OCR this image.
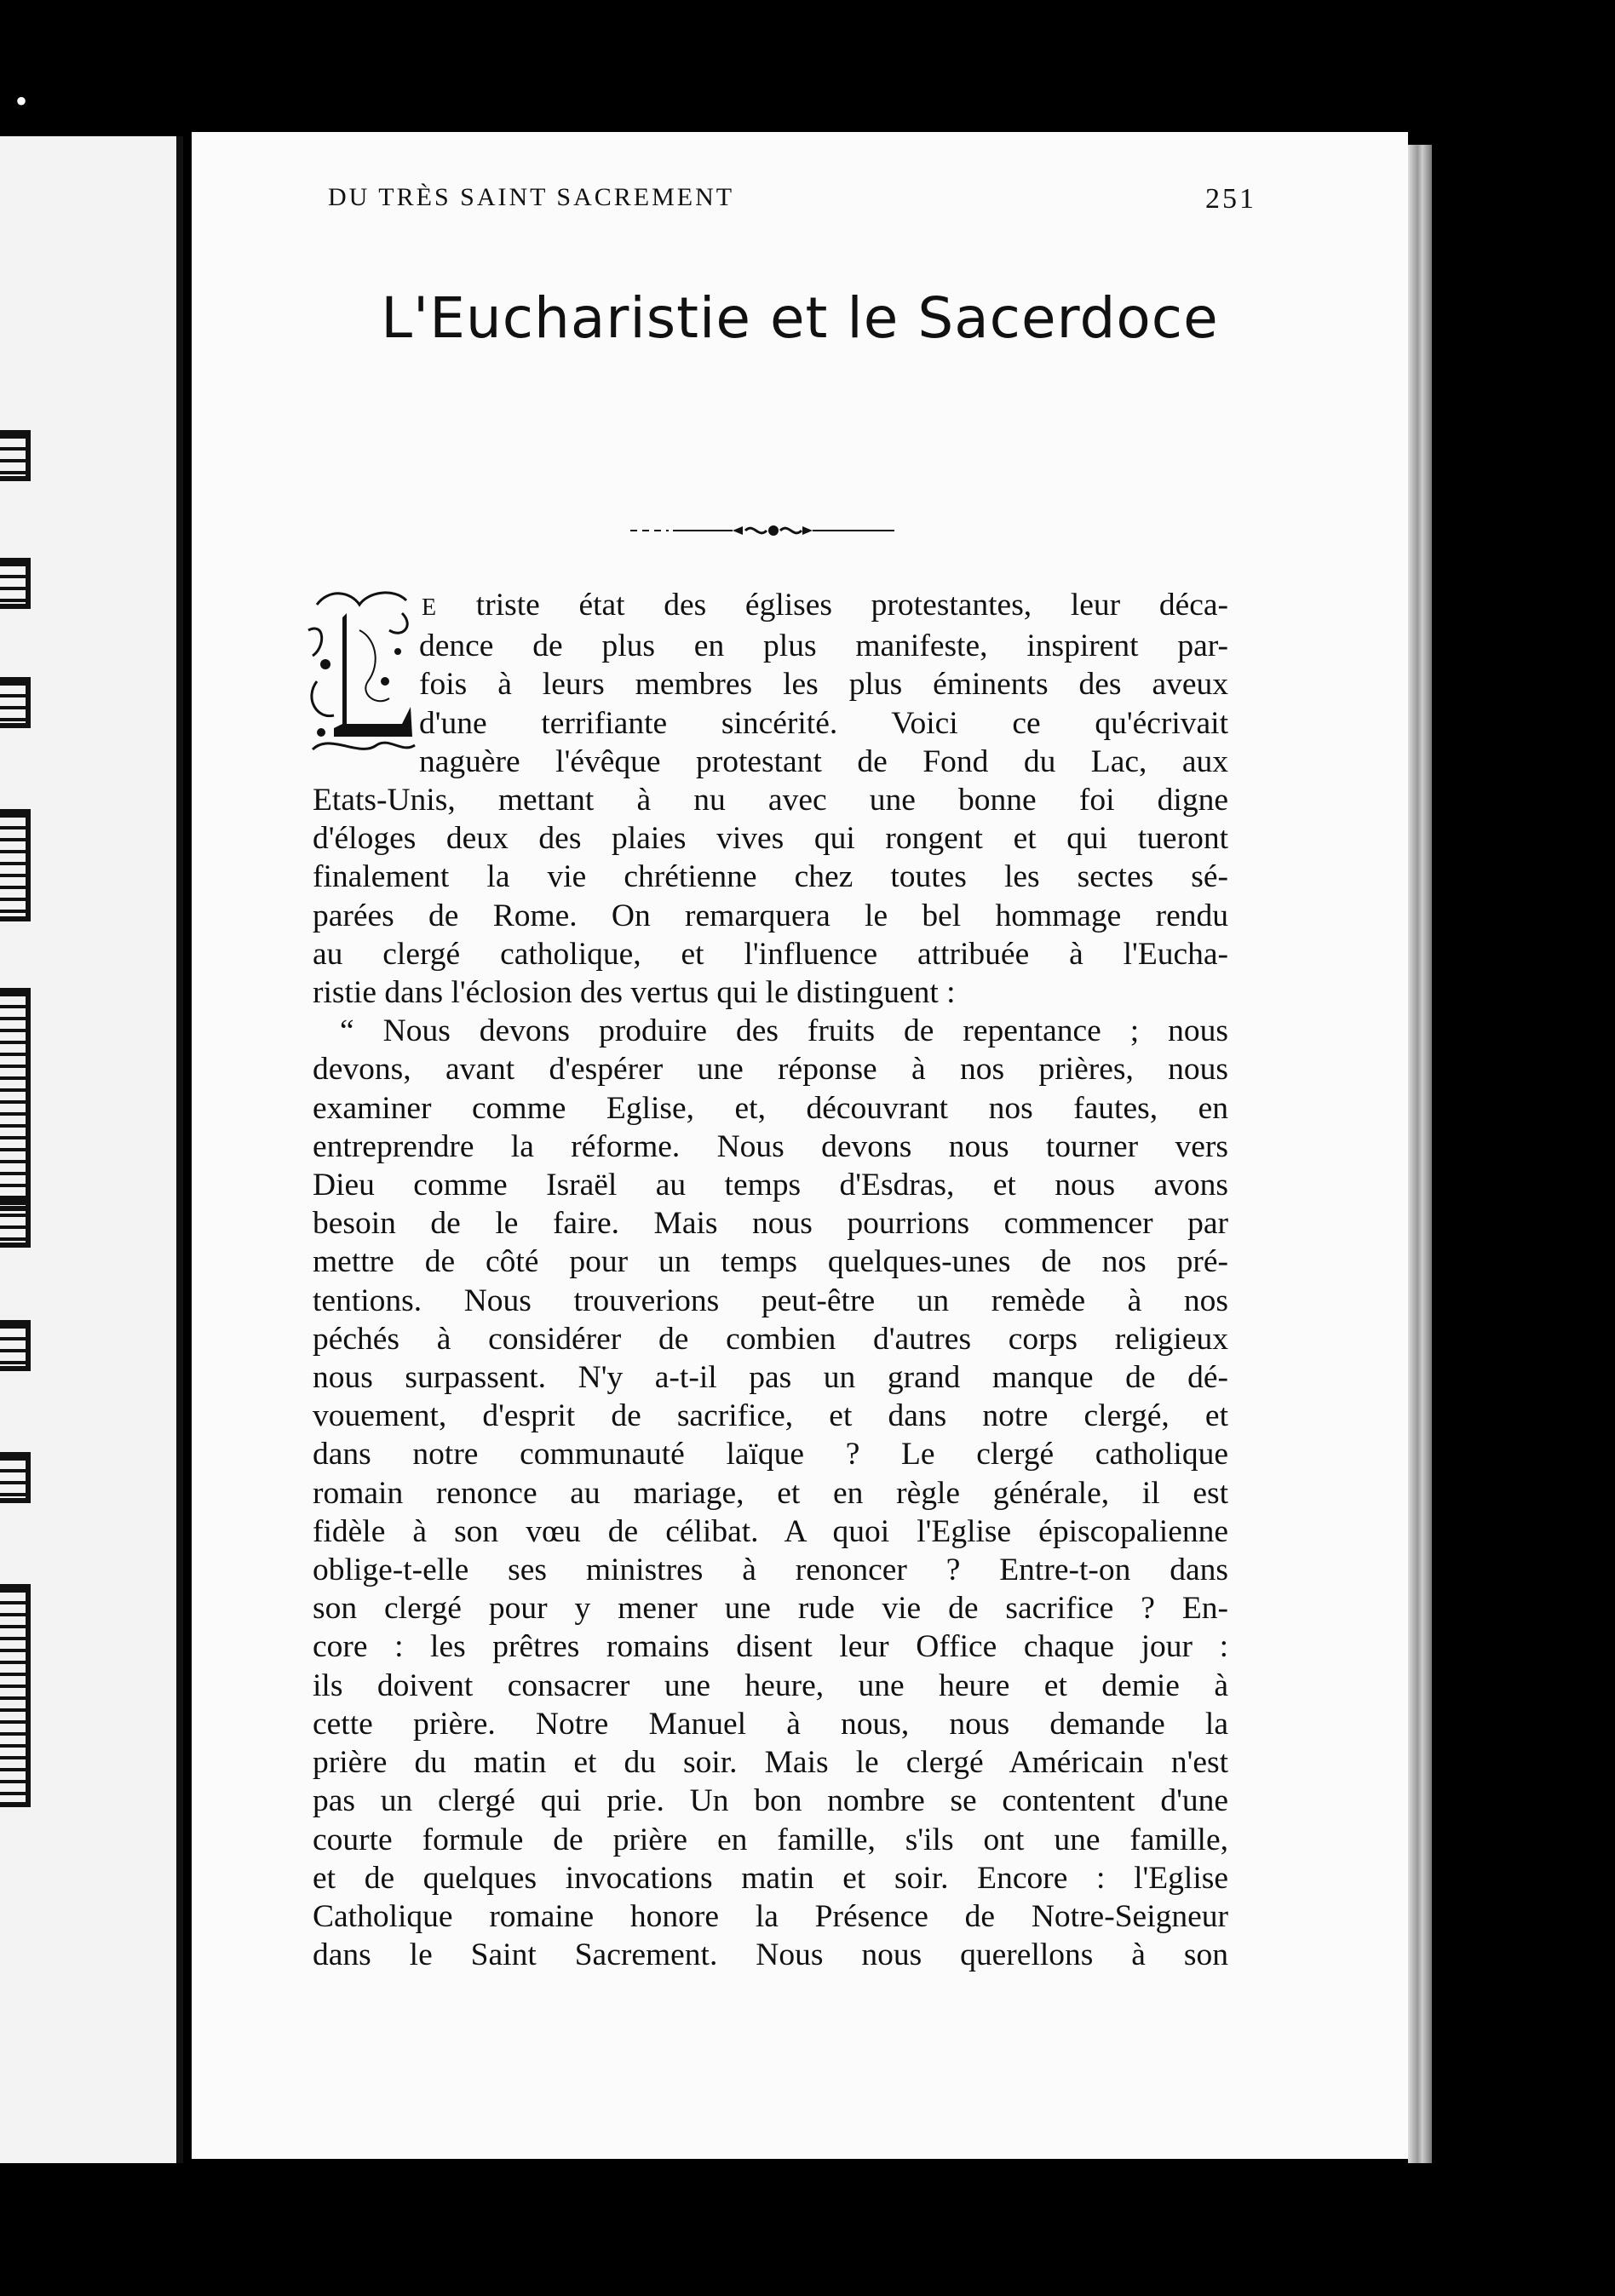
•
DU TRÈS SAINT SACREMENT	251
L'Eucharistie et le Sacerdoce

E triste état des églises protestantes, leur déca-
dence de plus en plus manifeste, inspirent par-
fois à leurs membres les plus éminents des aveux
d'une terrifiante sincérité. Voici ce qu'écrivait
naguère l'évêque protestant de Fond du Lac, aux
Etats-Unis, mettant à nu avec une bonne foi digne
d'éloges deux des plaies vives qui rongent et qui tueront
finalement la vie chrétienne chez toutes les sectes sé-
parées de Rome. On remarquera le bel hommage rendu
au clergé catholique, et l'influence attribuée à l'Eucha-
ristie dans l'éclosion des vertus qui le distinguent :

“ Nous devons produire des fruits de repentance ; nous
devons, avant d'espérer une réponse à nos prières, nous
examiner comme Eglise, et, découvrant nos fautes, en
entreprendre la réforme. Nous devons nous tourner vers
Dieu comme Israël au temps d'Esdras, et nous avons
besoin de le faire. Mais nous pourrions commencer par
mettre de côté pour un temps quelques-unes de nos pré-
tentions. Nous trouverions peut-être un remède à nos
péchés à considérer de combien d'autres corps religieux
nous surpassent. N'y a-t-il pas un grand manque de dé-
vouement, d'esprit de sacrifice, et dans notre clergé, et
dans notre communauté laïque ? Le clergé catholique
romain renonce au mariage, et en règle générale, il est
fidèle à son vœu de célibat. A quoi l'Eglise épiscopalienne
oblige-t-elle ses ministres à renoncer ? Entre-t-on dans
son clergé pour y mener une rude vie de sacrifice ? En-
core : les prêtres romains disent leur Office chaque jour :
ils doivent consacrer une heure, une heure et demie à
cette prière. Notre Manuel à nous, nous demande la
prière du matin et du soir. Mais le clergé Américain n'est
pas un clergé qui prie. Un bon nombre se contentent d'une
courte formule de prière en famille, s'ils ont une famille,
et de quelques invocations matin et soir. Encore : l'Eglise
Catholique romaine honore la Présence de Notre-Seigneur
dans le Saint Sacrement. Nous nous querellons à son
